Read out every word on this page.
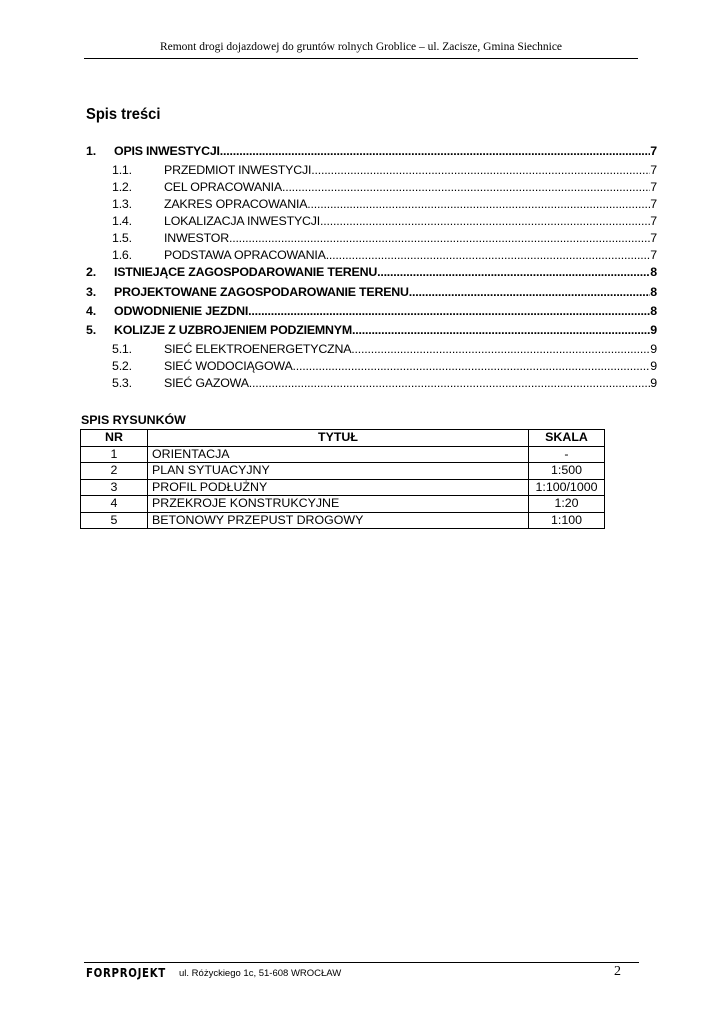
Remont drogi dojazdowej do gruntów rolnych Groblice – ul. Zacisze, Gmina Siechnice
Spis treści
1.	OPIS INWESTYCJI .....	7
1.1.	PRZEDMIOT INWESTYCJI .....	7
1.2.	CEL OPRACOWANIA .....	7
1.3.	ZAKRES OPRACOWANIA .....	7
1.4.	LOKALIZACJA INWESTYCJI .....	7
1.5.	INWESTOR .....	7
1.6.	PODSTAWA OPRACOWANIA .....	7
2.	ISTNIEJĄCE ZAGOSPODAROWANIE TERENU .....	8
3.	PROJEKTOWANE ZAGOSPODAROWANIE TERENU .....	8
4.	ODWODNIENIE JEZDNI .....	8
5.	KOLIZJE Z UZBROJENIEM PODZIEMNYM .....	9
5.1.	SIEĆ ELEKTROENERGETYCZNA .....	9
5.2.	SIEĆ WODOCIĄGOWA .....	9
5.3.	SIEĆ GAZOWA .....	9
SPIS RYSUNKÓW
NR	TYTUŁ	SKALA
1	ORIENTACJA	-
2	PLAN SYTUACYJNY	1:500
3	PROFIL PODŁUŻNY	1:100/1000
4	PRZEKROJE KONSTRUKCYJNE	1:20
5	BETONOWY PRZEPUST DROGOWY	1:100
FORPROJEKT ul. Różyckiego 1c, 51-608 WROCŁAW	2
